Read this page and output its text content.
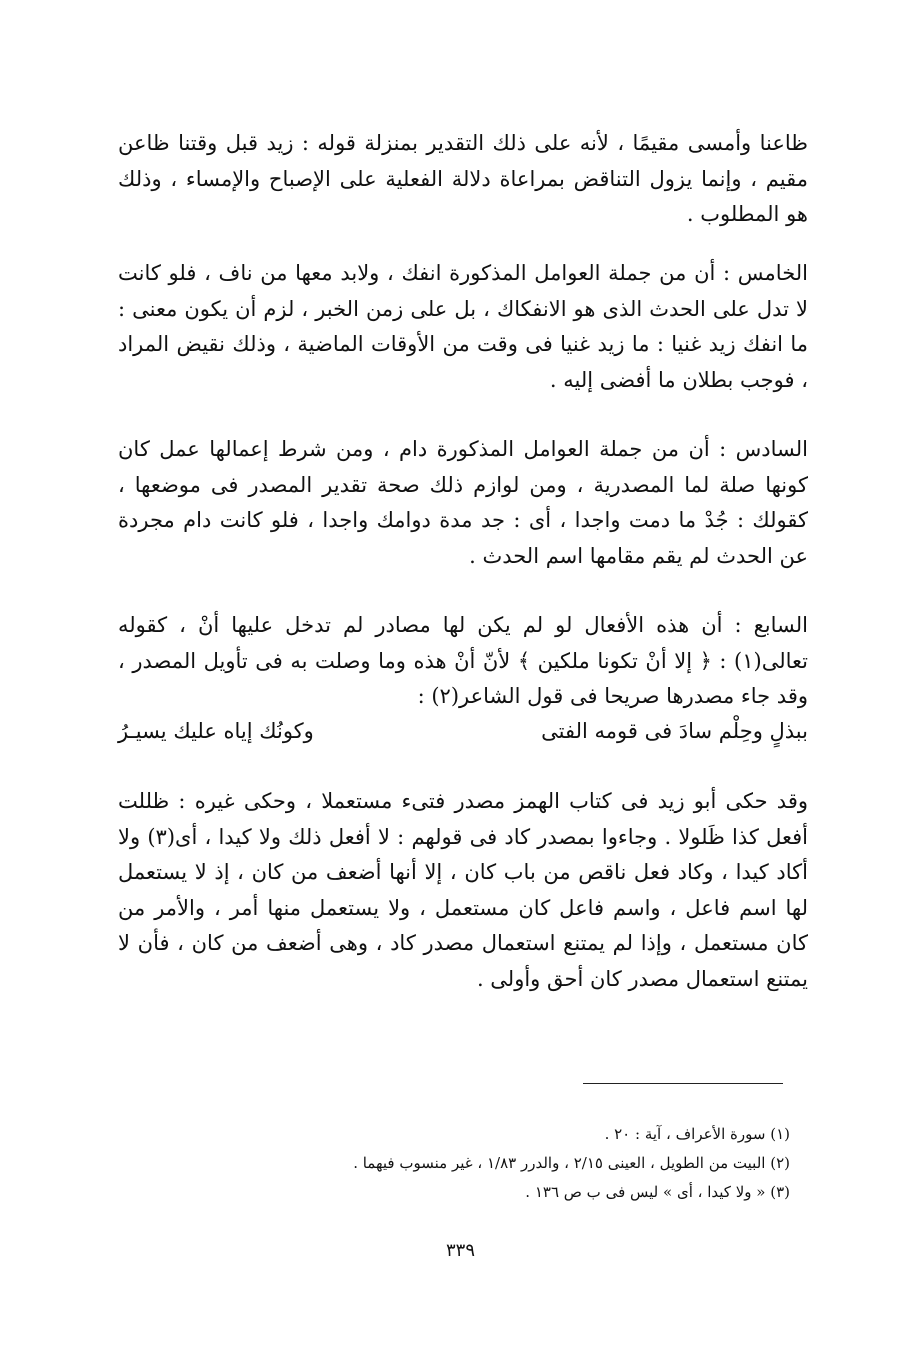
ظاعنا وأمسى مقيمًا ، لأنه على ذلك التقدير بمنزلة قوله : زيد قبل وقتنا ظاعن مقيم ، وإنما يزول التناقض بمراعاة دلالة الفعلية على الإصباح والإمساء ، وذلك هو المطلوب .

الخامس : أن من جملة العوامل المذكورة انفك ، ولابد معها من ناف ، فلو كانت لا تدل على الحدث الذى هو الانفكاك ، بل على زمن الخبر ، لزم أن يكون معنى : ما انفك زيد غنيا : ما زيد غنيا فى وقت من الأوقات الماضية ، وذلك نقيض المراد ، فوجب بطلان ما أفضى إليه .

السادس : أن من جملة العوامل المذكورة دام ، ومن شرط إعمالها عمل كان كونها صلة لما المصدرية ، ومن لوازم ذلك صحة تقدير المصدر فى موضعها ، كقولك : جُدْ ما دمت واجدا ، أى : جد مدة دوامك واجدا ، فلو كانت دام مجردة عن الحدث لم يقم مقامها اسم الحدث .

السابع : أن هذه الأفعال لو لم يكن لها مصادر لم تدخل عليها أنْ ، كقوله تعالى(١) : ﴿ إلا أنْ تكونا ملكين ﴾ لأنّ أنْ هذه وما وصلت به فى تأويل المصدر ، وقد جاء مصدرها صريحا فى قول الشاعر(٢) :

ببذلٍ وحِلْم سادَ فى قومه الفتى
وكونُك إياه عليك يسيـرُ

وقد حكى أبو زيد فى كتاب الهمز مصدر فتىء مستعملا ، وحكى غيره : ظللت أفعل كذا ظَلولا . وجاءوا بمصدر كاد فى قولهم : لا أفعل ذلك ولا كيدا ، أى(٣) ولا أكاد كيدا ، وكاد فعل ناقص من باب كان ، إلا أنها أضعف من كان ، إذ لا يستعمل لها اسم فاعل ، واسم فاعل كان مستعمل ، ولا يستعمل منها أمر ، والأمر من كان مستعمل ، وإذا لم يمتنع استعمال مصدر كاد ، وهى أضعف من كان ، فأن لا يمتنع استعمال مصدر كان أحق وأولى .

(١) سورة الأعراف ، آية : ٢٠ .

(٢) البيت من الطويل ، العينى ٢/١٥ ، والدرر ١/٨٣ ، غير منسوب فيهما .

(٣) « ولا كيدا ، أى » ليس فى ب ص ١٣٦ .

٣٣٩
